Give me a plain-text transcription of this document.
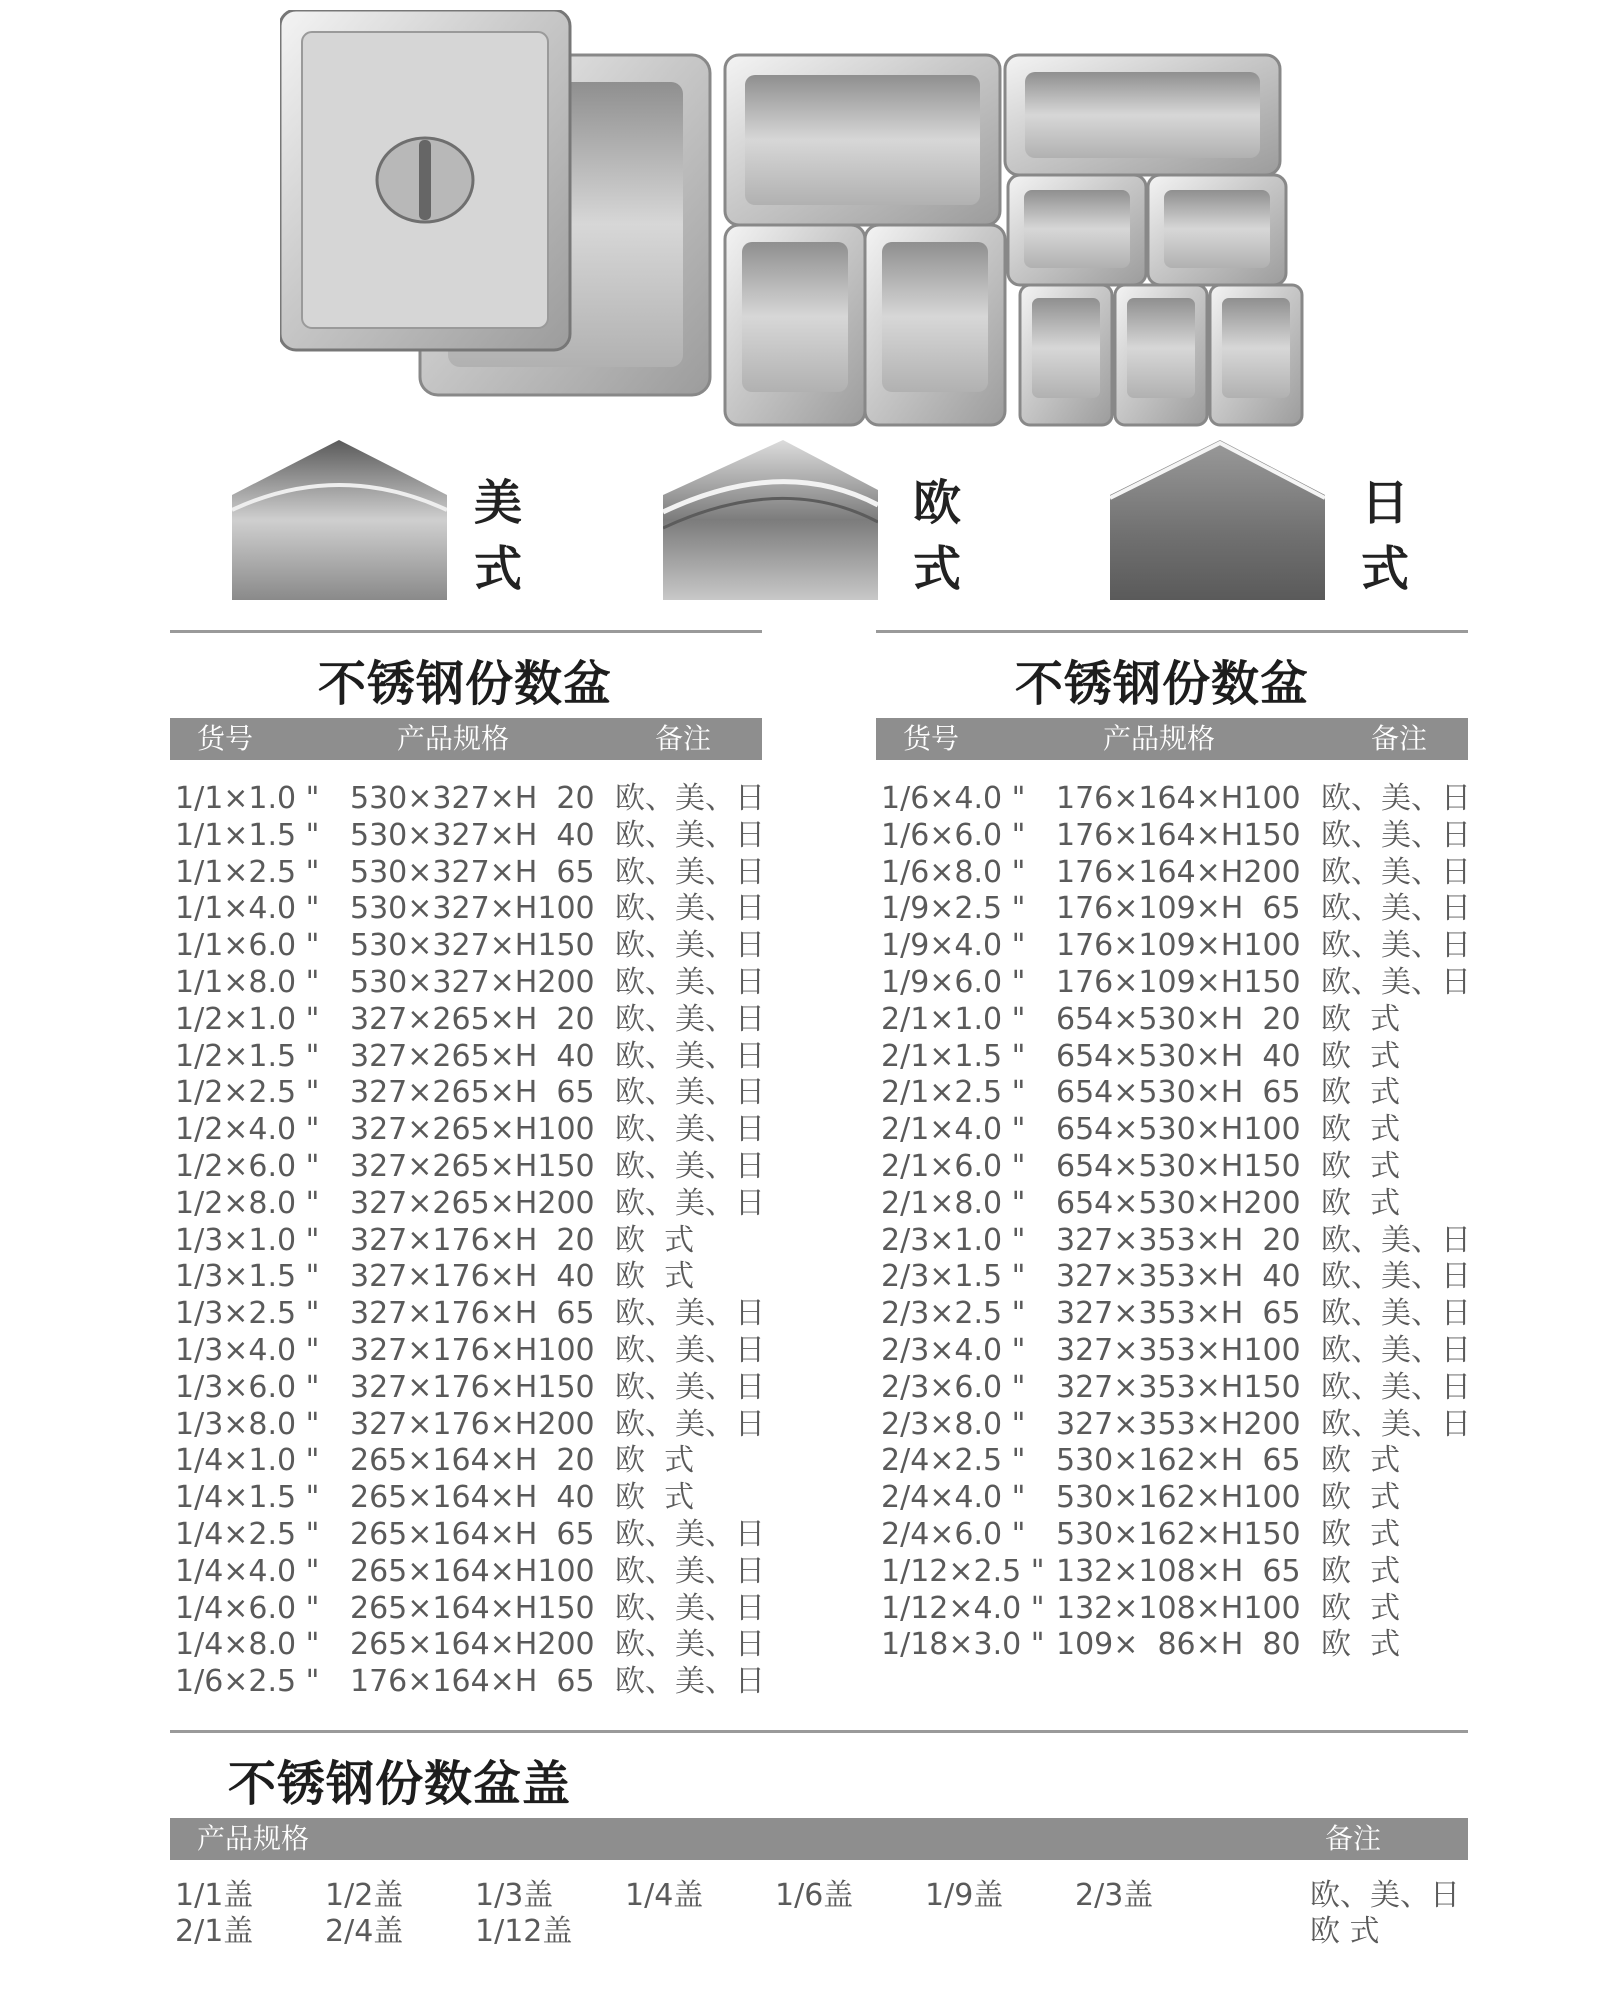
美
式
欧
式
日
式
不锈钢份数盆
货号	产品规格	备注
1/1×1.0 " 530×327×H  20 欧、美、日
1/1×1.5 " 530×327×H  40 欧、美、日
1/1×2.5 " 530×327×H  65 欧、美、日
1/1×4.0 " 530×327×H100 欧、美、日
1/1×6.0 " 530×327×H150 欧、美、日
1/1×8.0 " 530×327×H200 欧、美、日
1/2×1.0 " 327×265×H  20 欧、美、日
1/2×1.5 " 327×265×H  40 欧、美、日
1/2×2.5 " 327×265×H  65 欧、美、日
1/2×4.0 " 327×265×H100 欧、美、日
1/2×6.0 " 327×265×H150 欧、美、日
1/2×8.0 " 327×265×H200 欧、美、日
1/3×1.0 " 327×176×H  20 欧  式
1/3×1.5 " 327×176×H  40 欧  式
1/3×2.5 " 327×176×H  65 欧、美、日
1/3×4.0 " 327×176×H100 欧、美、日
1/3×6.0 " 327×176×H150 欧、美、日
1/3×8.0 " 327×176×H200 欧、美、日
1/4×1.0 " 265×164×H  20 欧  式
1/4×1.5 " 265×164×H  40 欧  式
1/4×2.5 " 265×164×H  65 欧、美、日
1/4×4.0 " 265×164×H100 欧、美、日
1/4×6.0 " 265×164×H150 欧、美、日
1/4×8.0 " 265×164×H200 欧、美、日
1/6×2.5 " 176×164×H  65 欧、美、日
不锈钢份数盆
货号	产品规格	备注
1/6×4.0 " 176×164×H100 欧、美、日
1/6×6.0 " 176×164×H150 欧、美、日
1/6×8.0 " 176×164×H200 欧、美、日
1/9×2.5 " 176×109×H  65 欧、美、日
1/9×4.0 " 176×109×H100 欧、美、日
1/9×6.0 " 176×109×H150 欧、美、日
2/1×1.0 " 654×530×H  20 欧  式
2/1×1.5 " 654×530×H  40 欧  式
2/1×2.5 " 654×530×H  65 欧  式
2/1×4.0 " 654×530×H100 欧  式
2/1×6.0 " 654×530×H150 欧  式
2/1×8.0 " 654×530×H200 欧  式
2/3×1.0 " 327×353×H  20 欧、美、日
2/3×1.5 " 327×353×H  40 欧、美、日
2/3×2.5 " 327×353×H  65 欧、美、日
2/3×4.0 " 327×353×H100 欧、美、日
2/3×6.0 " 327×353×H150 欧、美、日
2/3×8.0 " 327×353×H200 欧、美、日
2/4×2.5 " 530×162×H  65 欧  式
2/4×4.0 " 530×162×H100 欧  式
2/4×6.0 " 530×162×H150 欧  式
1/12×2.5 " 132×108×H  65 欧  式
1/12×4.0 " 132×108×H100 欧  式
1/18×3.0 " 109×  86×H  80 欧  式
不锈钢份数盆盖
产品规格	备注
1/1盖 1/2盖 1/3盖 1/4盖 1/6盖 1/9盖 2/3盖	欧、美、日
2/1盖 2/4盖 1/12盖	欧 式
